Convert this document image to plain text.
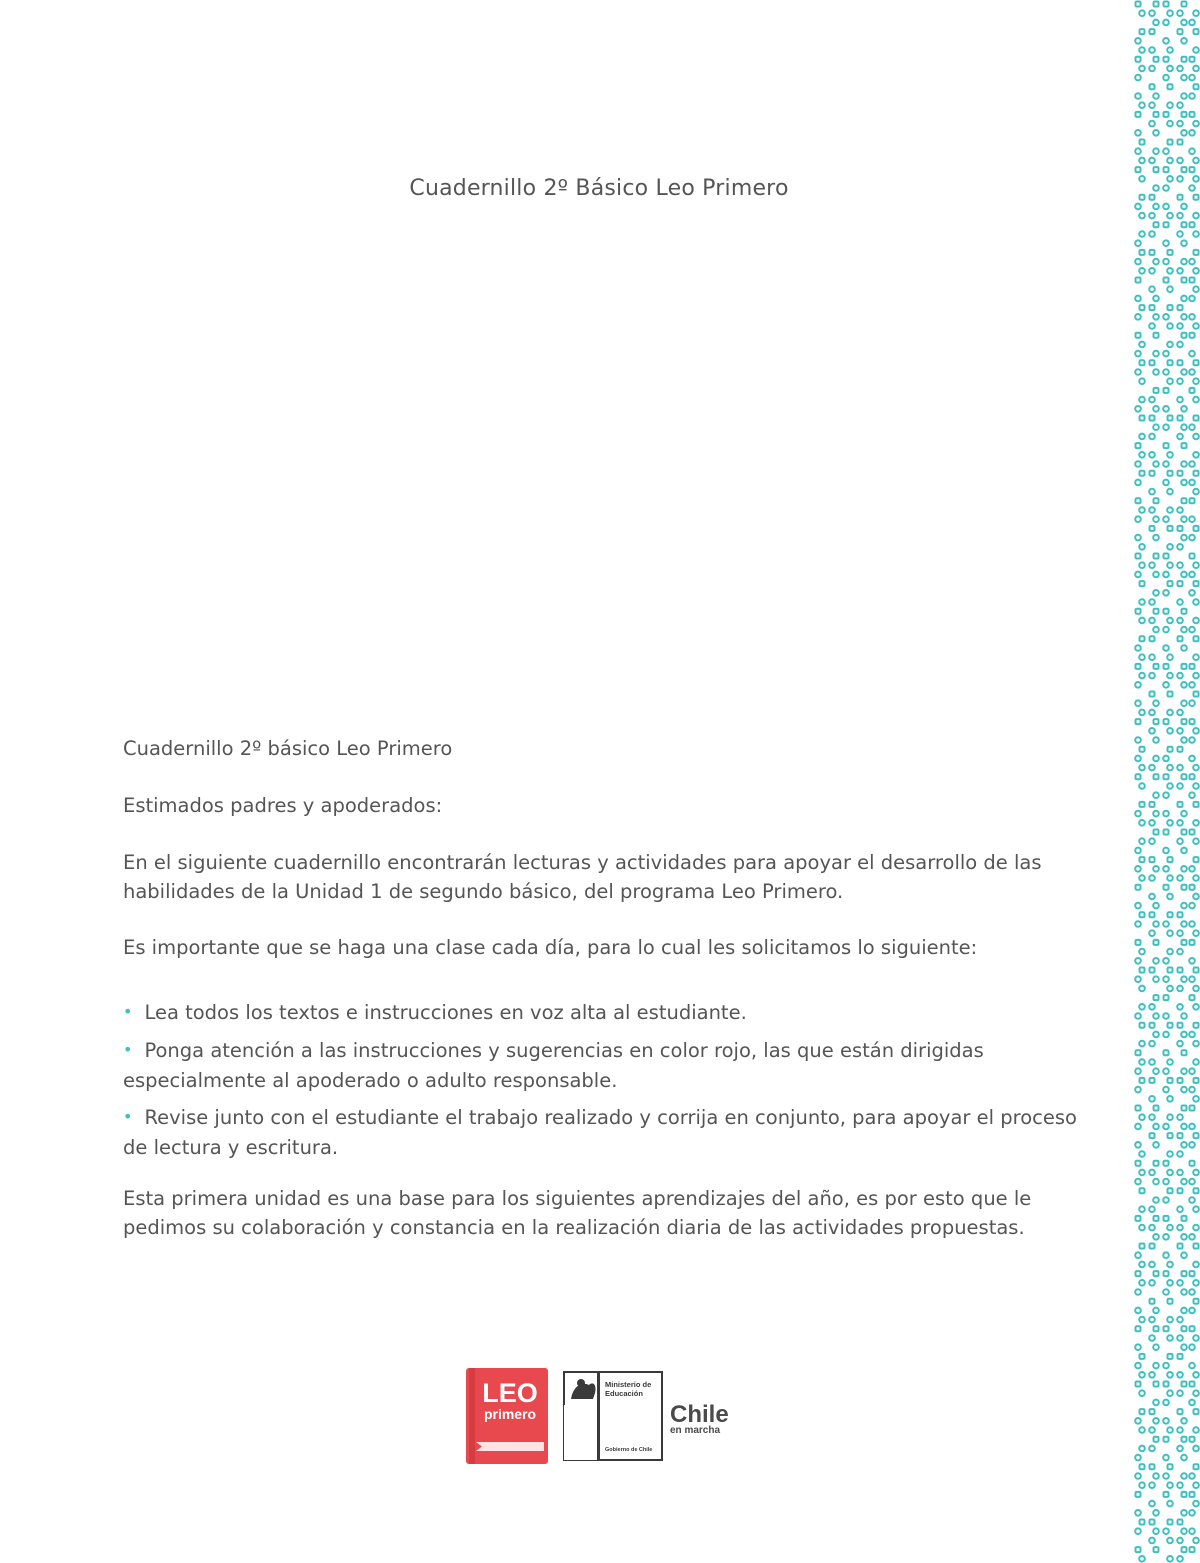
Cuadernillo 2º Básico Leo Primero

Cuadernillo 2º básico Leo Primero

Estimados padres y apoderados:

En el siguiente cuadernillo encontrarán lecturas y actividades para apoyar el desarrollo de las habilidades de la Unidad 1 de segundo básico, del programa Leo Primero.

Es importante que se haga una clase cada día, para lo cual les solicitamos lo siguiente:

• Lea todos los textos e instrucciones en voz alta al estudiante.
• Ponga atención a las instrucciones y sugerencias en color rojo, las que están dirigidas especialmente al apoderado o adulto responsable.
• Revise junto con el estudiante el trabajo realizado y corrija en conjunto, para apoyar el proceso de lectura y escritura.

Esta primera unidad es una base para los siguientes aprendizajes del año, es por esto que le pedimos su colaboración y constancia en la realización diaria de las actividades propuestas.

LEO
primero
Ministerio de
Educación
Gobierno de Chile
Chile
en marcha
